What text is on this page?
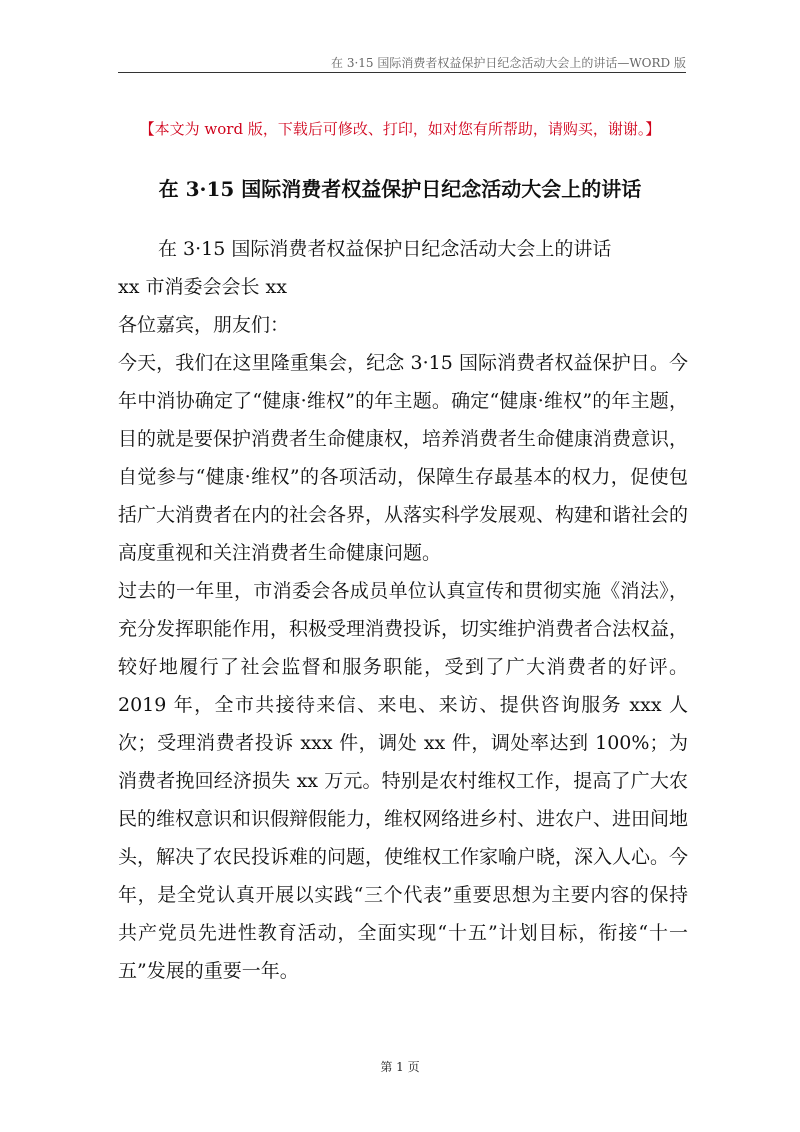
在 3·15 国际消费者权益保护日纪念活动大会上的讲话—WORD 版
【本文为 word 版，下载后可修改、打印，如对您有所帮助，请购买，谢谢。】
在 3·15 国际消费者权益保护日纪念活动大会上的讲话

在 3·15 国际消费者权益保护日纪念活动大会上的讲话

xx 市消委会会长 xx

各位嘉宾，朋友们：

今天，我们在这里隆重集会，纪念 3·15 国际消费者权益保护日。今年中消协确定了“健康·维权”的年主题。确定“健康·维权”的年主题，目的就是要保护消费者生命健康权，培养消费者生命健康消费意识，自觉参与“健康·维权”的各项活动，保障生存最基本的权力，促使包括广大消费者在内的社会各界，从落实科学发展观、构建和谐社会的高度重视和关注消费者生命健康问题。

过去的一年里，市消委会各成员单位认真宣传和贯彻实施《消法》，充分发挥职能作用，积极受理消费投诉，切实维护消费者合法权益，较好地履行了社会监督和服务职能，受到了广大消费者的好评。2019 年，全市共接待来信、来电、来访、提供咨询服务 xxx 人次；受理消费者投诉 xxx 件，调处 xx 件，调处率达到 100%；为消费者挽回经济损失 xx 万元。特别是农村维权工作，提高了广大农民的维权意识和识假辩假能力，维权网络进乡村、进农户、进田间地头，解决了农民投诉难的问题，使维权工作家喻户晓，深入人心。今年，是全党认真开展以实践“三个代表”重要思想为主要内容的保持共产党员先进性教育活动，全面实现“十五”计划目标，衔接“十一五”发展的重要一年。

第 1 页
